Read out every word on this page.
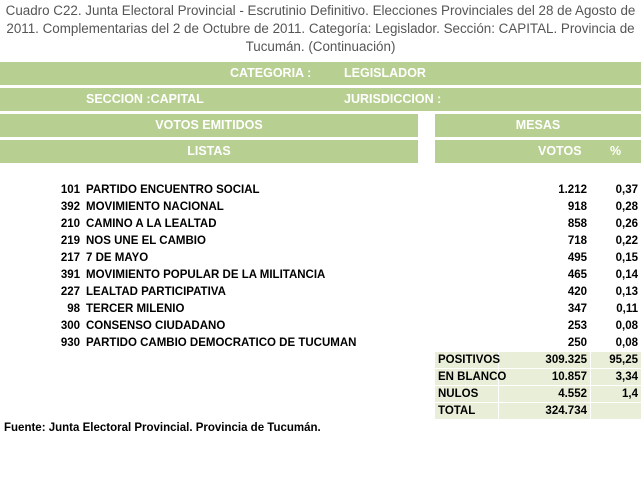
Cuadro C22. Junta Electoral Provincial - Escrutinio Definitivo. Elecciones Provinciales del 28 de Agosto de 2011. Complementarias del 2 de Octubre de 2011. Categoría: Legislador. Sección: CAPITAL. Provincia de Tucumán. (Continuación)
CATEGORIA :	LEGISLADOR
SECCION :CAPITAL	JURISDICCION :
VOTOS EMITIDOS	MESAS
LISTAS	VOTOS %
101 PARTIDO ENCUENTRO SOCIAL	1.212	0,37
392 MOVIMIENTO NACIONAL	918	0,28
210 CAMINO A LA LEALTAD	858	0,26
219 NOS UNE EL CAMBIO	718	0,22
217 7 DE MAYO	495	0,15
391 MOVIMIENTO POPULAR DE LA MILITANCIA	465	0,14
227 LEALTAD PARTICIPATIVA	420	0,13
98 TERCER MILENIO	347	0,11
300 CONSENSO CIUDADANO	253	0,08
930 PARTIDO CAMBIO DEMOCRATICO DE TUCUMAN	250	0,08
POSITIVOS	309.325	95,25
EN BLANCO	10.857	3,34
NULOS	4.552	1,4
TOTAL	324.734
Fuente: Junta Electoral Provincial. Provincia de Tucumán.
